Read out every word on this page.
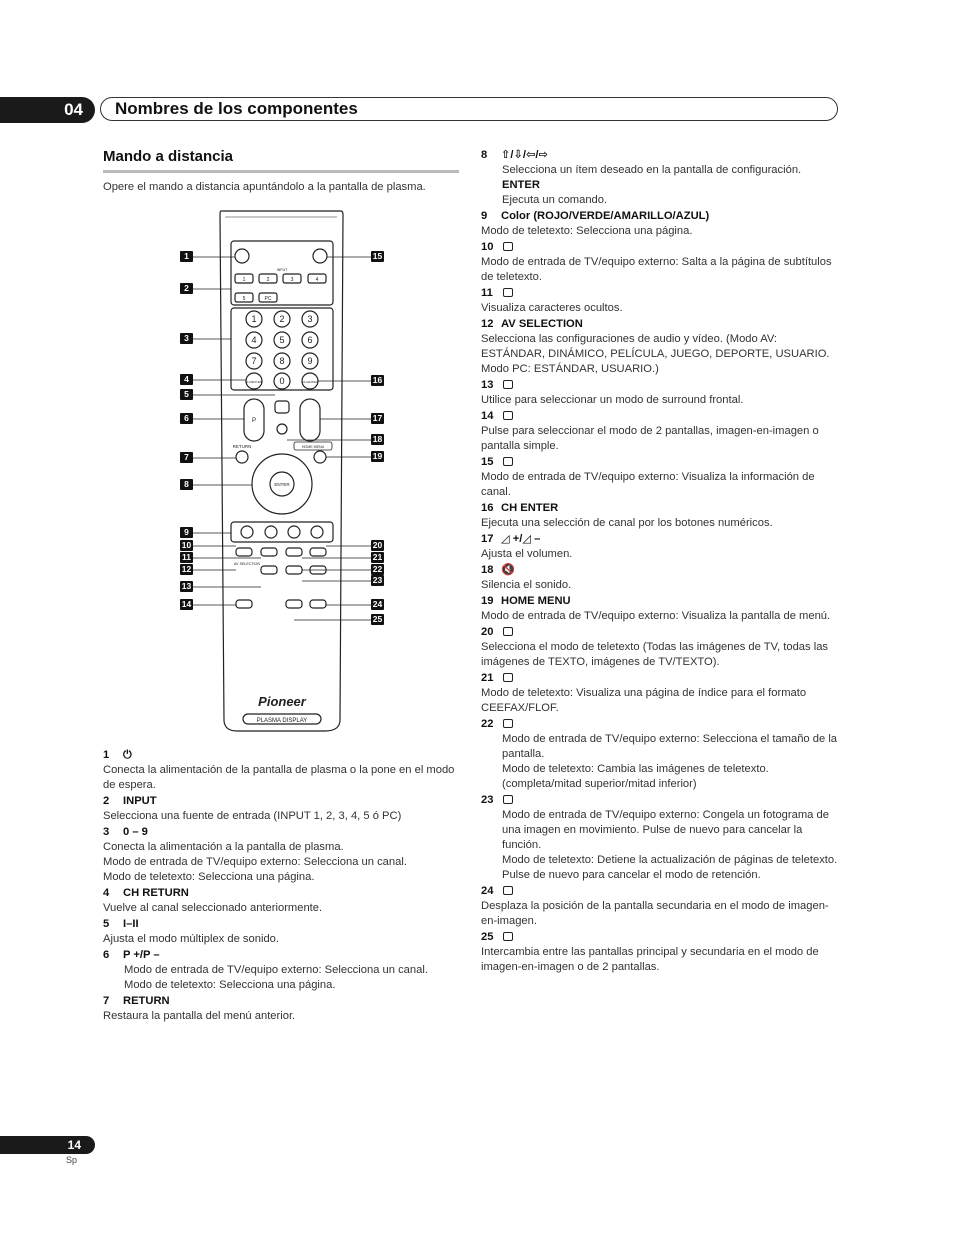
04	Nombres de los componentes
Mando a distancia
Opere el mando a distancia apuntándolo a la pantalla de plasma.
INPUT
1	2	3	4
5	PC
1	2	3
4	5	6
7	8	9
0
CH RETURN	CH ENTER
P
RETURN	HOME MENU
ENTER
AV SELECTION
Pioneer
PLASMA DISPLAY
1
2
3
4
5
6
7
8
9
10
11
12
13
14
15
16
17
18
19
20
21
22
23
24
25
1 ⏻
Conecta la alimentación de la pantalla de plasma o la pone en el modo de espera.
2 INPUT
Selecciona una fuente de entrada (INPUT 1, 2, 3, 4, 5 ó PC)
3 0 – 9
Conecta la alimentación a la pantalla de plasma.
Modo de entrada de TV/equipo externo: Selecciona un canal.
Modo de teletexto: Selecciona una página.
4 CH RETURN
Vuelve al canal seleccionado anteriormente.
5 I–II
Ajusta el modo múltiplex de sonido.
6 P +/P –
Modo de entrada de TV/equipo externo: Selecciona un canal.
Modo de teletexto: Selecciona una página.
7 RETURN
Restaura la pantalla del menú anterior.
8 ⇧/⇩/⇦/⇨
Selecciona un ítem deseado en la pantalla de configuración.
ENTER
Ejecuta un comando.
9 Color (ROJO/VERDE/AMARILLO/AZUL)
Modo de teletexto: Selecciona una página.
10
Modo de entrada de TV/equipo externo: Salta a la página de subtítulos de teletexto.
11
Visualiza caracteres ocultos.
12 AV SELECTION
Selecciona las configuraciones de audio y vídeo. (Modo AV: ESTÁNDAR, DINÁMICO, PELÍCULA, JUEGO, DEPORTE, USUARIO. Modo PC: ESTÁNDAR, USUARIO.)
13
Utilice para seleccionar un modo de surround frontal.
14
Pulse para seleccionar el modo de 2 pantallas, imagen-en-imagen o pantalla simple.
15
Modo de entrada de TV/equipo externo: Visualiza la información de canal.
16 CH ENTER
Ejecuta una selección de canal por los botones numéricos.
17 ◿ +/◿ –
Ajusta el volumen.
18 🔇
Silencia el sonido.
19 HOME MENU
Modo de entrada de TV/equipo externo: Visualiza la pantalla de menú.
20
Selecciona el modo de teletexto (Todas las imágenes de TV, todas las imágenes de TEXTO, imágenes de TV/TEXTO).
21
Modo de teletexto: Visualiza una página de índice para el formato CEEFAX/FLOF.
22
Modo de entrada de TV/equipo externo: Selecciona el tamaño de la pantalla.
Modo de teletexto: Cambia las imágenes de teletexto. (completa/mitad superior/mitad inferior)
23
Modo de entrada de TV/equipo externo: Congela un fotograma de una imagen en movimiento. Pulse de nuevo para cancelar la función.
Modo de teletexto: Detiene la actualización de páginas de teletexto. Pulse de nuevo para cancelar el modo de retención.
24
Desplaza la posición de la pantalla secundaria en el modo de imagen-en-imagen.
25
Intercambia entre las pantallas principal y secundaria en el modo de imagen-en-imagen o de 2 pantallas.
14
Sp
